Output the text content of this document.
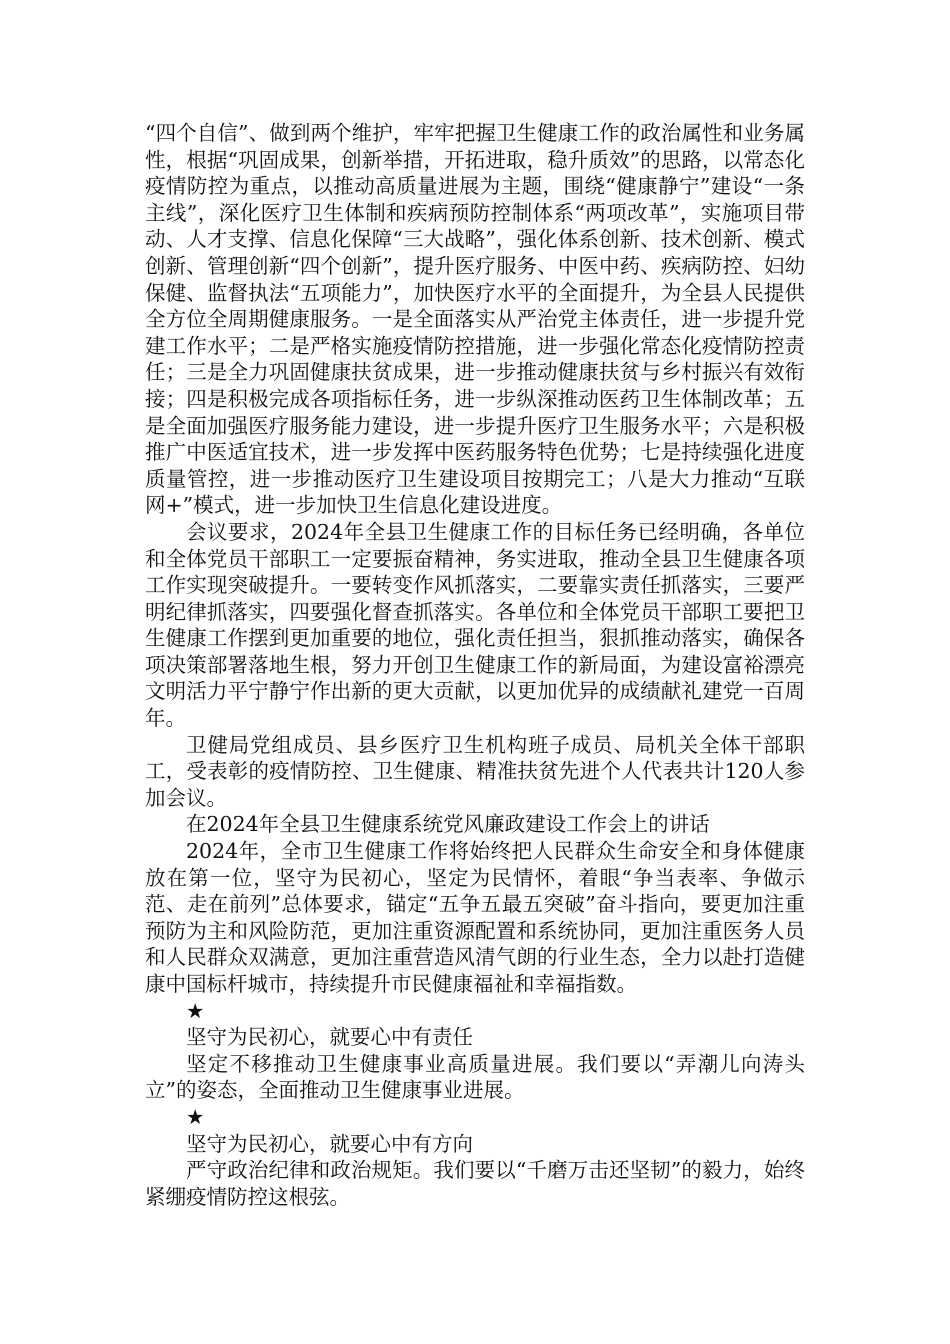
“四个自信”、做到两个维护，牢牢把握卫生健康工作的政治属性和业务属性，根据“巩固成果，创新举措，开拓进取，稳升质效”的思路，以常态化疫情防控为重点，以推动高质量进展为主题，围绕“健康静宁”建设“一条主线”，深化医疗卫生体制和疾病预防控制体系“两项改革”，实施项目带动、人才支撑、信息化保障“三大战略”，强化体系创新、技术创新、模式创新、管理创新“四个创新”，提升医疗服务、中医中药、疾病防控、妇幼保健、监督执法“五项能力”，加快医疗水平的全面提升，为全县人民提供全方位全周期健康服务。一是全面落实从严治党主体责任，进一步提升党建工作水平；二是严格实施疫情防控措施，进一步强化常态化疫情防控责任；三是全力巩固健康扶贫成果，进一步推动健康扶贫与乡村振兴有效衔接；四是积极完成各项指标任务，进一步纵深推动医药卫生体制改革；五是全面加强医疗服务能力建设，进一步提升医疗卫生服务水平；六是积极推广中医适宜技术，进一步发挥中医药服务特色优势；七是持续强化进度质量管控，进一步推动医疗卫生建设项目按期完工；八是大力推动“互联网+”模式，进一步加快卫生信息化建设进度。

会议要求，2024年全县卫生健康工作的目标任务已经明确，各单位和全体党员干部职工一定要振奋精神，务实进取，推动全县卫生健康各项工作实现突破提升。一要转变作风抓落实，二要靠实责任抓落实，三要严明纪律抓落实，四要强化督查抓落实。各单位和全体党员干部职工要把卫生健康工作摆到更加重要的地位，强化责任担当，狠抓推动落实，确保各项决策部署落地生根，努力开创卫生健康工作的新局面，为建设富裕漂亮文明活力平宁静宁作出新的更大贡献，以更加优异的成绩献礼建党一百周年。

卫健局党组成员、县乡医疗卫生机构班子成员、局机关全体干部职工，受表彰的疫情防控、卫生健康、精准扶贫先进个人代表共计120人参加会议。

在2024年全县卫生健康系统党风廉政建设工作会上的讲话

2024年，全市卫生健康工作将始终把人民群众生命安全和身体健康放在第一位，坚守为民初心，坚定为民情怀，着眼“争当表率、争做示范、走在前列”总体要求，锚定“五争五最五突破”奋斗指向，要更加注重预防为主和风险防范，更加注重资源配置和系统协同，更加注重医务人员和人民群众双满意，更加注重营造风清气朗的行业生态，全力以赴打造健康中国标杆城市，持续提升市民健康福祉和幸福指数。

★

坚守为民初心，就要心中有责任

坚定不移推动卫生健康事业高质量进展。我们要以“弄潮儿向涛头立”的姿态，全面推动卫生健康事业进展。

★

坚守为民初心，就要心中有方向

严守政治纪律和政治规矩。我们要以“千磨万击还坚韧”的毅力，始终紧绷疫情防控这根弦。
